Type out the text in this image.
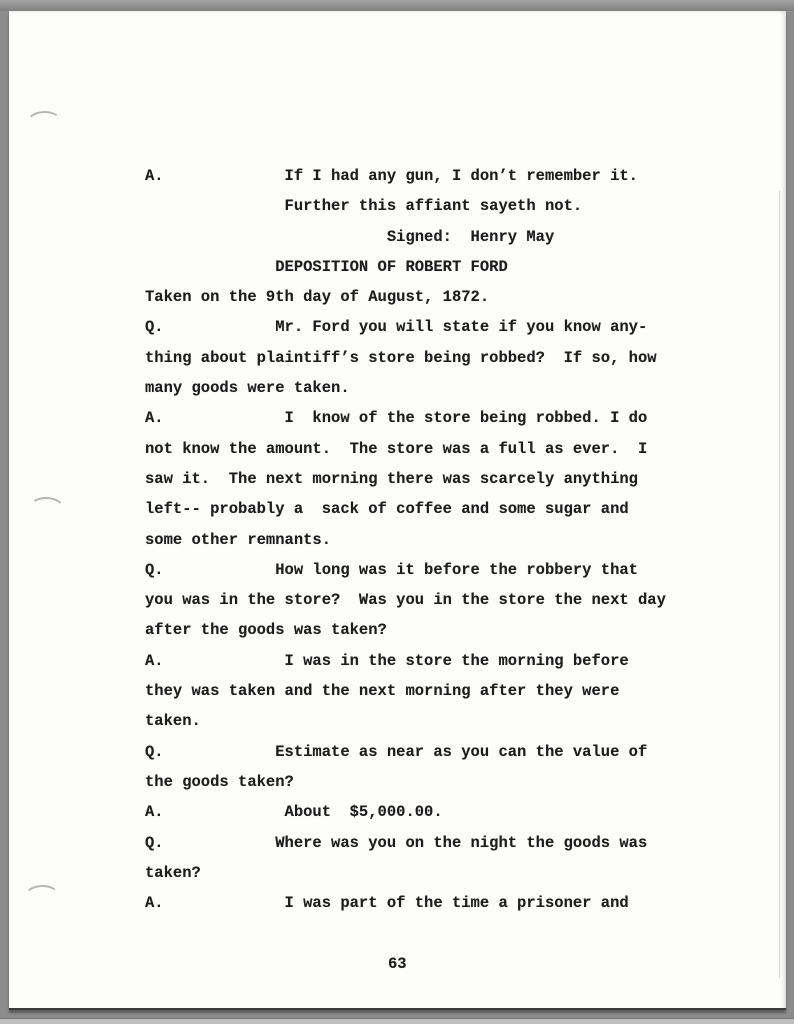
A.             If I had any gun, I don’t remember it.
Further this affiant sayeth not.
Signed:  Henry May
DEPOSITION OF ROBERT FORD
Taken on the 9th day of August, 1872.
Q.            Mr. Ford you will state if you know any-
thing about plaintiff’s store being robbed?  If so, how
many goods were taken.
A.             I  know of the store being robbed. I do
not know the amount.  The store was a full as ever.  I
saw it.  The next morning there was scarcely anything
left-- probably a  sack of coffee and some sugar and
some other remnants.
Q.            How long was it before the robbery that
you was in the store?  Was you in the store the next day
after the goods was taken?
A.             I was in the store the morning before
they was taken and the next morning after they were
taken.
Q.            Estimate as near as you can the value of
the goods taken?
A.             About  $5,000.00.
Q.            Where was you on the night the goods was
taken?
A.             I was part of the time a prisoner and
63
